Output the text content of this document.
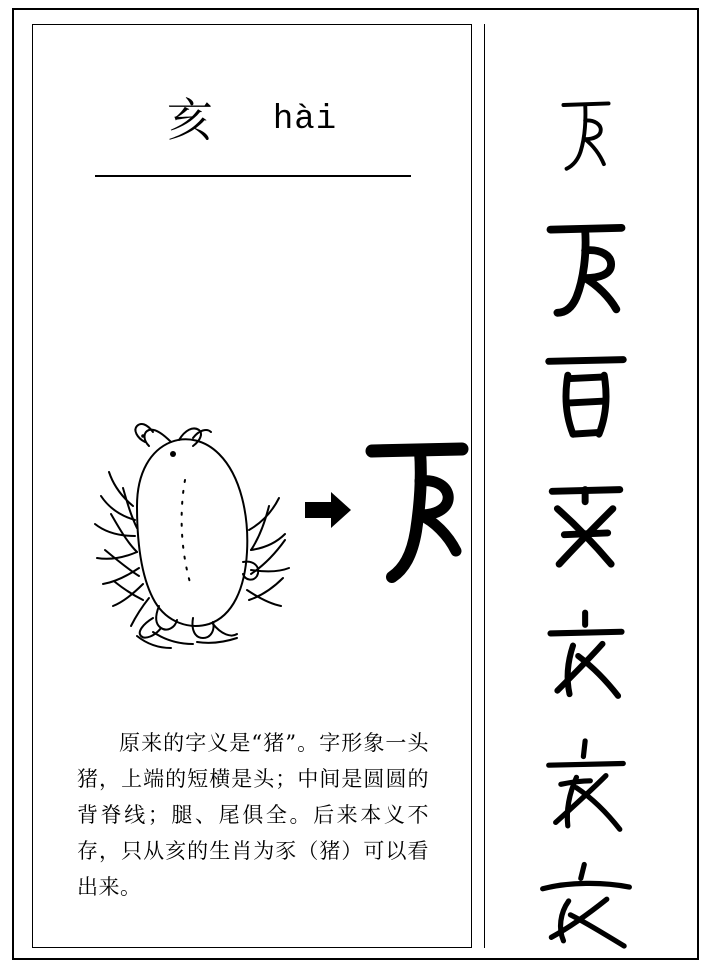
亥 hài

原来的字义是“猪”。字形象一头猪，上端的短横是头；中间是圆圆的背脊线；腿、尾俱全。后来本义不存，只从亥的生肖为豕（猪）可以看出来。
